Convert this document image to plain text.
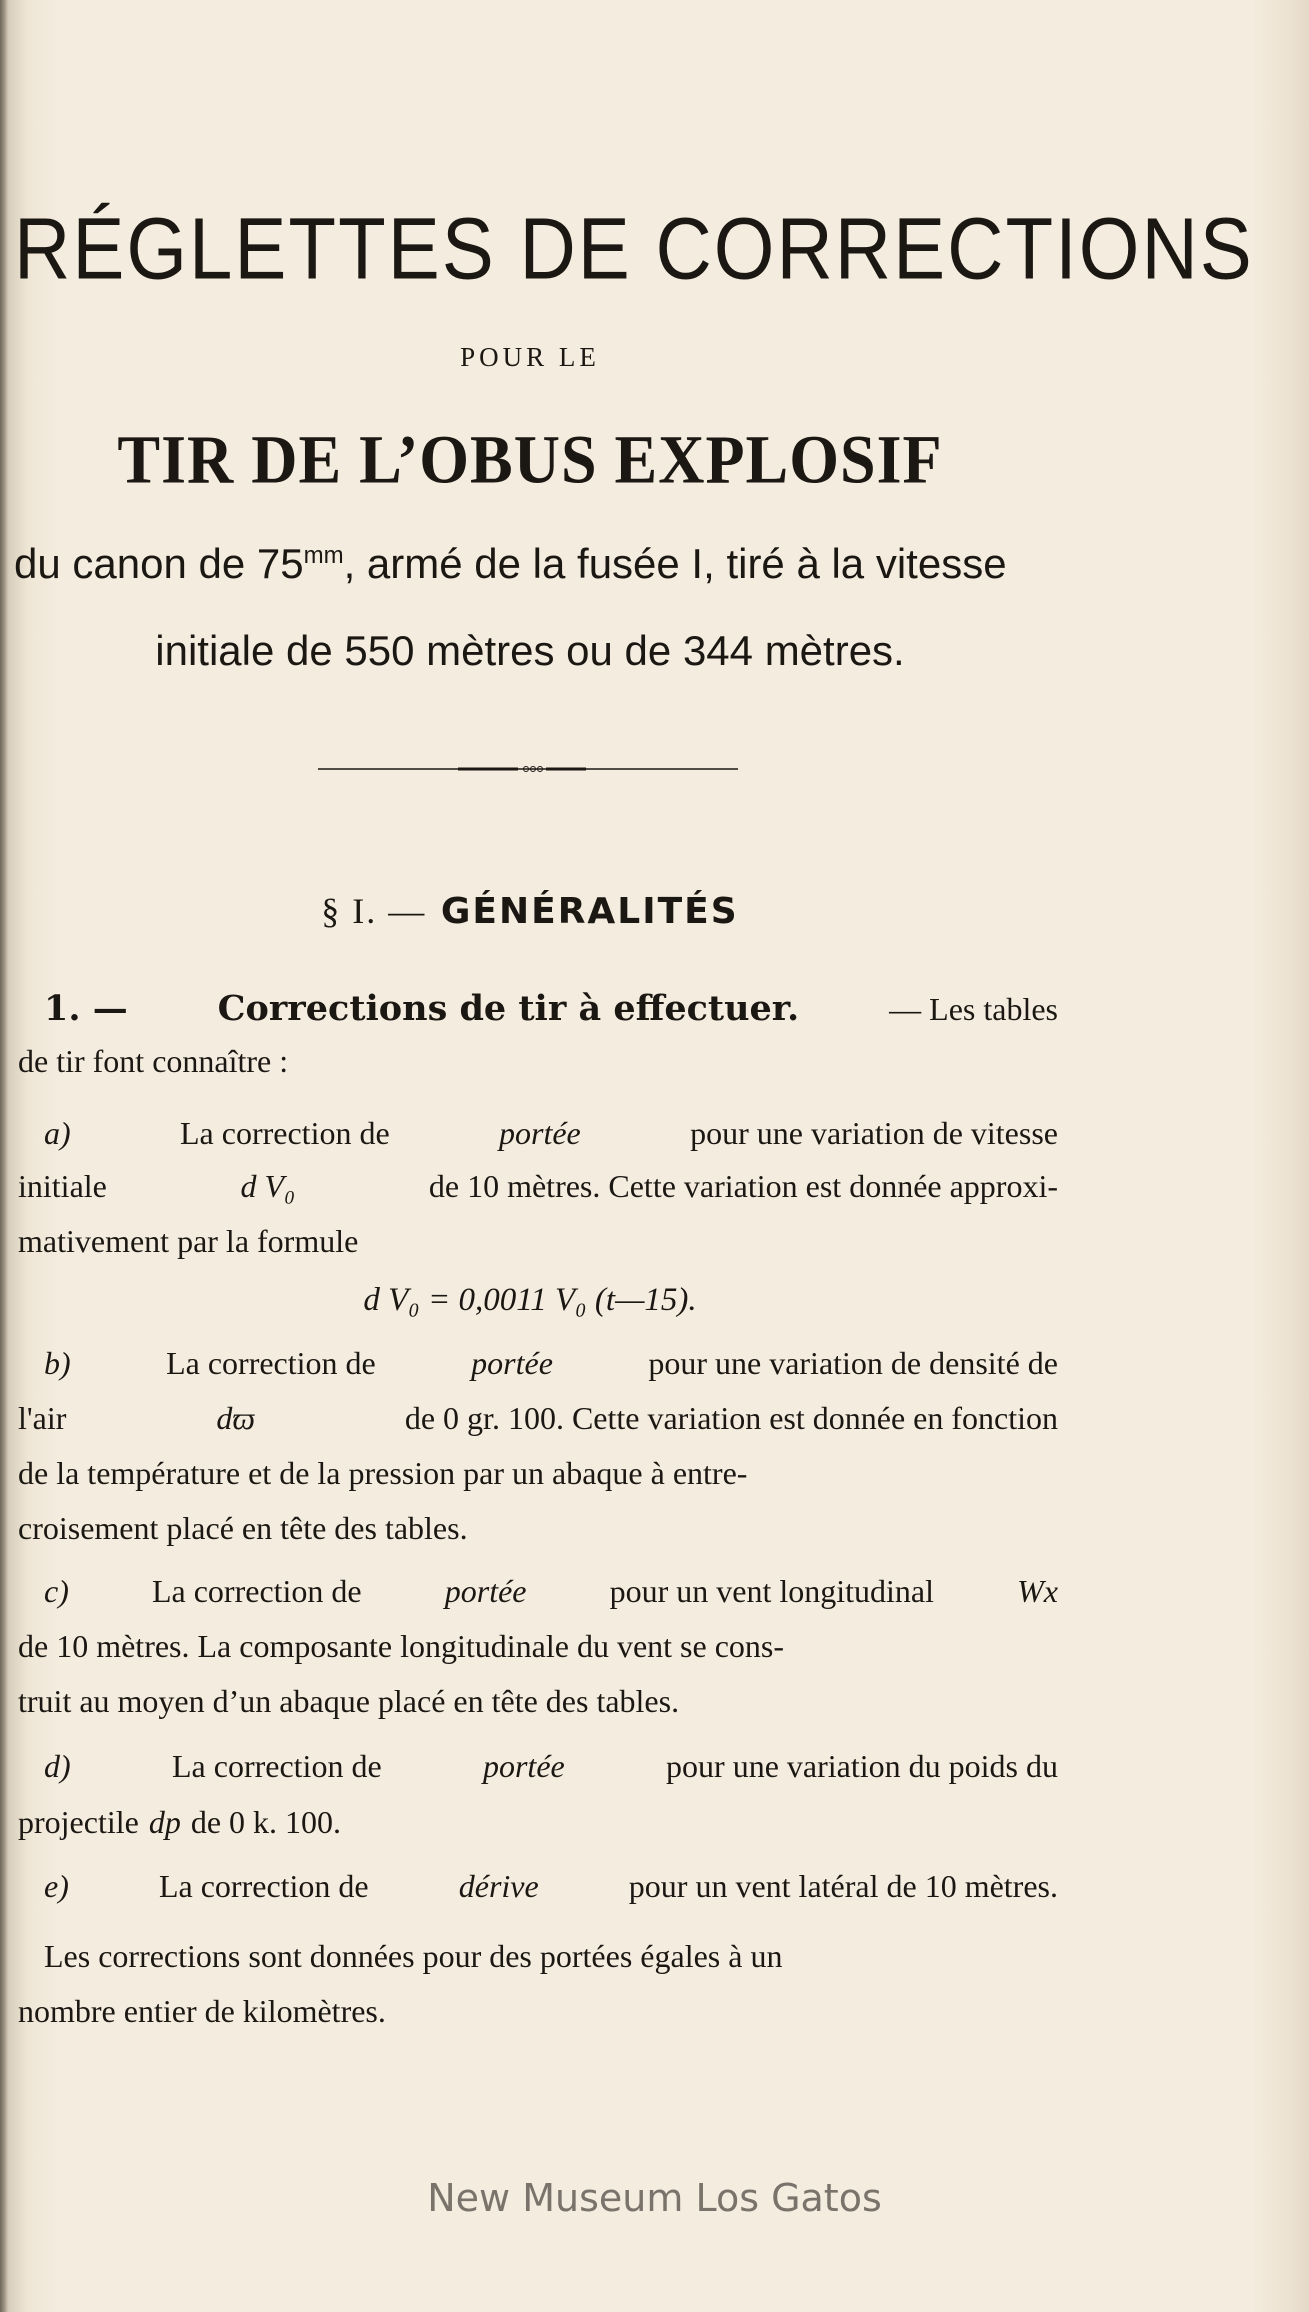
RÉGLETTES DE CORRECTIONS
POUR LE
TIR DE L’OBUS EXPLOSIF
du canon de $75^{mm}$, armé de la fusée I, tiré à la vitesse
initiale de 550 mètres ou de 344 mètres.
§ I. — GÉNÉRALITÉS
1. —	Corrections de tir à effectuer.	— Les tables
de tir font connaître :
a)	La correction de	portée	pour une variation de vitesse
initiale	d V₀	de 10 mètres. Cette variation est donnée approxi-
mativement par la formule
d V₀ = 0,0011 V₀ (t—15).
b)	La correction de	portée	pour une variation de densité de
l'air	dϖ	de 0 gr. 100. Cette variation est donnée en fonction
de la température et de la pression par un abaque à entre-
croisement placé en tête des tables.
c)	La correction de	portée	pour un vent longitudinal	Wx
de 10 mètres. La composante longitudinale du vent se cons-
truit au moyen d’un abaque placé en tête des tables.
d)	La correction de	portée	pour une variation du poids du
projectile dp de 0 k. 100.
e)	La correction de	dérive	pour un vent latéral de 10 mètres.
Les corrections sont données pour des portées égales à un
nombre entier de kilomètres.
New Museum Los Gatos
